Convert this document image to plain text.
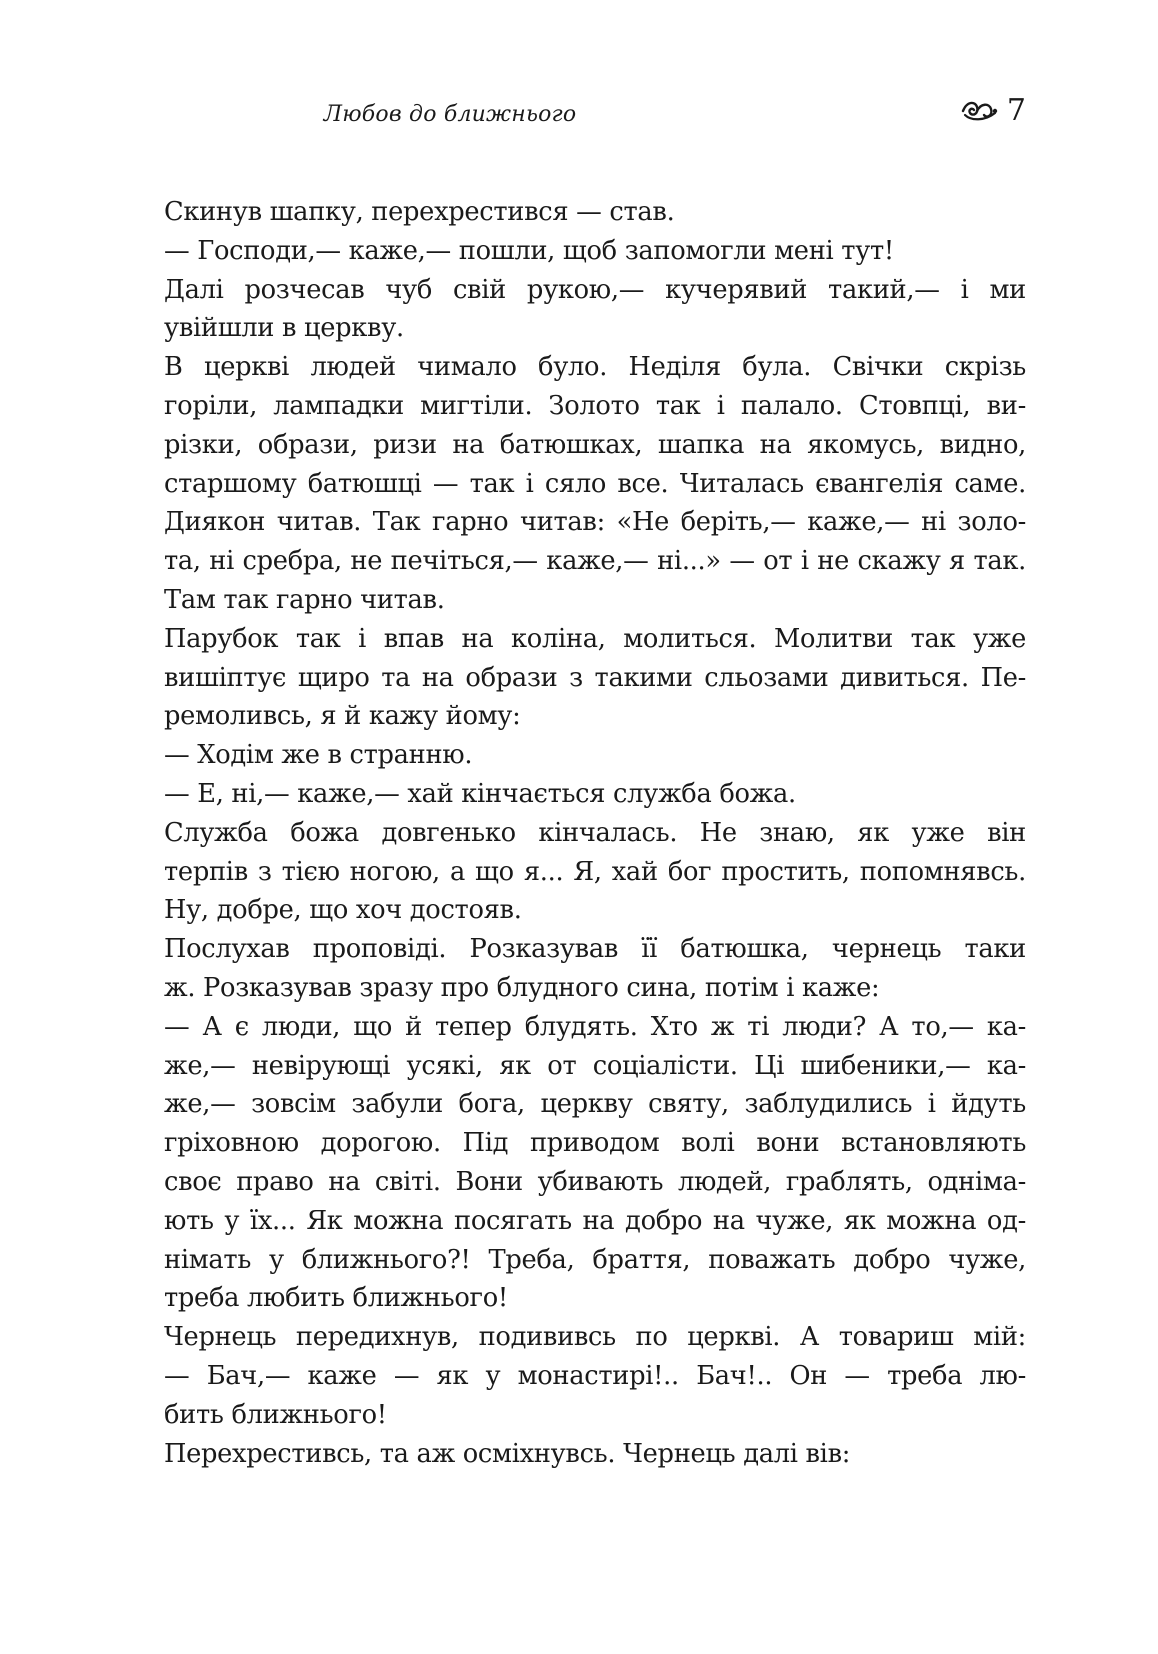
Любов до ближнього	7
Скинув шапку, перехрестився — став.
— Господи,— каже,— пошли, щоб запомогли мені тут!
Далі розчесав чуб свій рукою,— кучерявий такий,— і ми
увійшли в церкву.
В церкві людей чимало було. Неділя була. Свічки скрізь
горіли, лампадки мигтіли. Золото так і палало. Стовпці, ви-
різки, образи, ризи на батюшках, шапка на якомусь, видно,
старшому батюшці — так і сяло все. Читалась євангелія саме.
Диякон читав. Так гарно читав: «Не беріть,— каже,— ні золо-
та, ні сребра, не печіться,— каже,— ні...» — от і не скажу я так.
Там так гарно читав.
Парубок так і впав на коліна, молиться. Молитви так уже
вишіптує щиро та на образи з такими сльозами дивиться. Пе-
ремоливсь, я й кажу йому:
— Ходім же в странню.
— Е, ні,— каже,— хай кінчається служба божа.
Служба божа довгенько кінчалась. Не знаю, як уже він
терпів з тією ногою, а що я... Я, хай бог простить, попомнявсь.
Ну, добре, що хоч достояв.
Послухав проповіді. Розказував її батюшка, чернець таки
ж. Розказував зразу про блудного сина, потім і каже:
— А є люди, що й тепер блудять. Хто ж ті люди? А то,— ка-
же,— невірующі усякі, як от соціалісти. Ці шибеники,— ка-
же,— зовсім забули бога, церкву святу, заблудились і йдуть
гріховною дорогою. Під приводом волі вони встановляють
своє право на світі. Вони убивають людей, граблять, одніма-
ють у їх... Як можна посягать на добро на чуже, як можна од-
німать у ближнього?! Треба, браття, поважать добро чуже,
треба любить ближнього!
Чернець передихнув, подививсь по церкві. А товариш мій:
— Бач,— каже — як у монастирі!.. Бач!.. Он — треба лю-
бить ближнього!
Перехрестивсь, та аж осміхнувсь. Чернець далі вів:
